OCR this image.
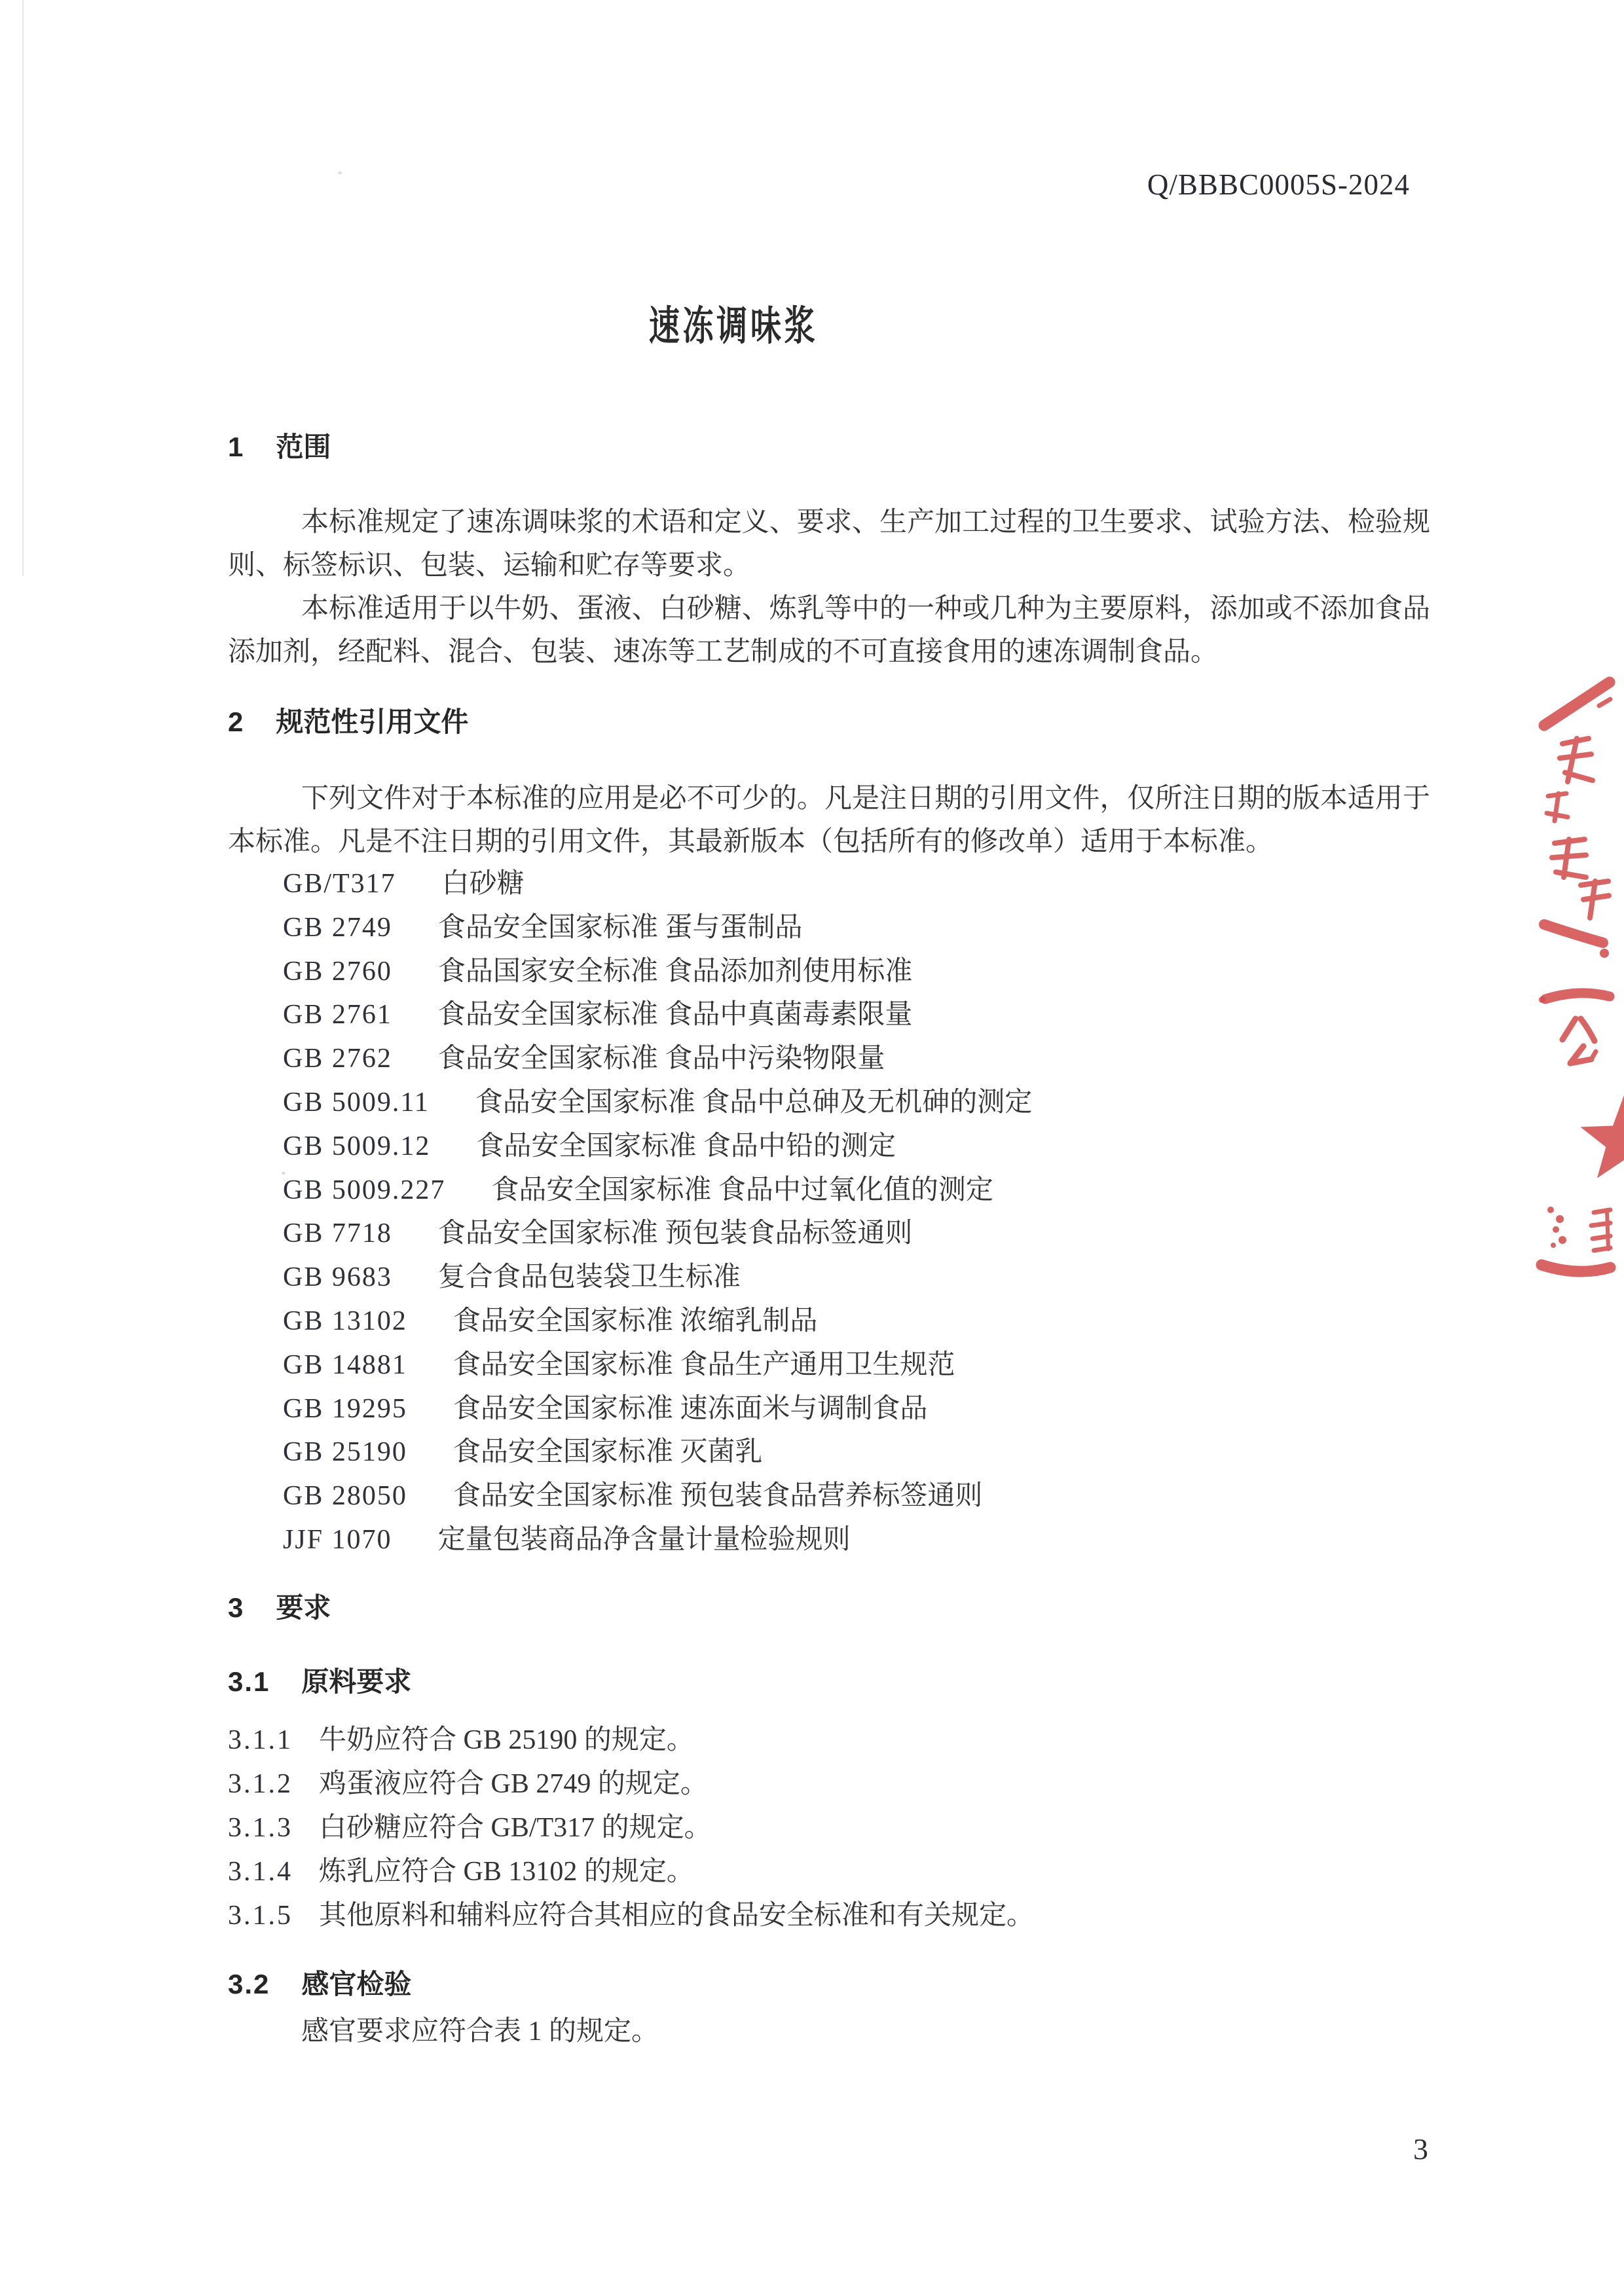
Q/BBBC0005S-2024
速冻调味浆
1 范围
本标准规定了速冻调味浆的术语和定义、要求、生产加工过程的卫生要求、试验方法、检验规则、标签标识、包装、运输和贮存等要求。
本标准适用于以牛奶、蛋液、白砂糖、炼乳等中的一种或几种为主要原料，添加或不添加食品添加剂，经配料、混合、包装、速冻等工艺制成的不可直接食用的速冻调制食品。
2 规范性引用文件
下列文件对于本标准的应用是必不可少的。凡是注日期的引用文件，仅所注日期的版本适用于本标准。凡是不注日期的引用文件，其最新版本（包括所有的修改单）适用于本标准。
GB/T317 白砂糖
GB 2749 食品安全国家标准 蛋与蛋制品
GB 2760 食品国家安全标准 食品添加剂使用标准
GB 2761 食品安全国家标准 食品中真菌毒素限量
GB 2762 食品安全国家标准 食品中污染物限量
GB 5009.11 食品安全国家标准 食品中总砷及无机砷的测定
GB 5009.12 食品安全国家标准 食品中铅的测定
GB 5009.227 食品安全国家标准 食品中过氧化值的测定
GB 7718 食品安全国家标准 预包装食品标签通则
GB 9683 复合食品包装袋卫生标准
GB 13102 食品安全国家标准 浓缩乳制品
GB 14881 食品安全国家标准 食品生产通用卫生规范
GB 19295 食品安全国家标准 速冻面米与调制食品
GB 25190 食品安全国家标准 灭菌乳
GB 28050 食品安全国家标准 预包装食品营养标签通则
JJF 1070 定量包装商品净含量计量检验规则
3 要求
3.1 原料要求
3.1.1 牛奶应符合 GB 25190 的规定。
3.1.2 鸡蛋液应符合 GB 2749 的规定。
3.1.3 白砂糖应符合 GB/T317 的规定。
3.1.4 炼乳应符合 GB 13102 的规定。
3.1.5 其他原料和辅料应符合其相应的食品安全标准和有关规定。
3.2 感官检验
感官要求应符合表 1 的规定。
3
